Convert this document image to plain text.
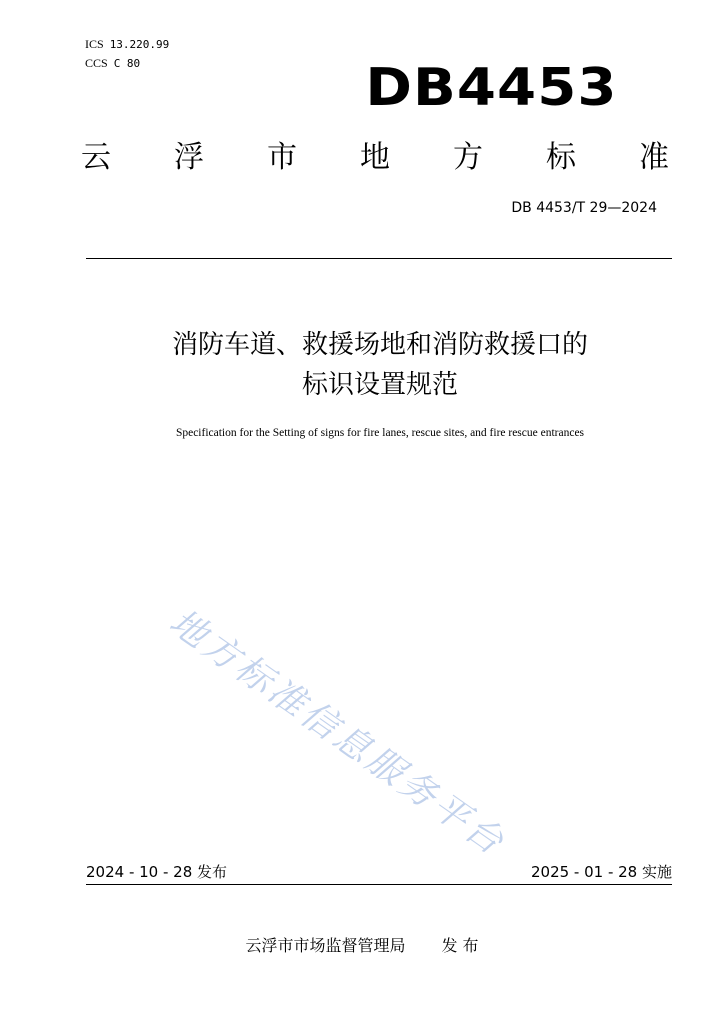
ICS 13.220.99
CCS C 80	DB4453
云 浮 市 地 方 标 准
DB 4453/T 29—2024
消防车道、救援场地和消防救援口的
标识设置规范
Specification for the Setting of signs for fire lanes, rescue sites, and fire rescue entrances
地方标准信息服务平台
2024 - 10 - 28 发布	2025 - 01 - 28 实施
云浮市市场监督管理局 发 布
